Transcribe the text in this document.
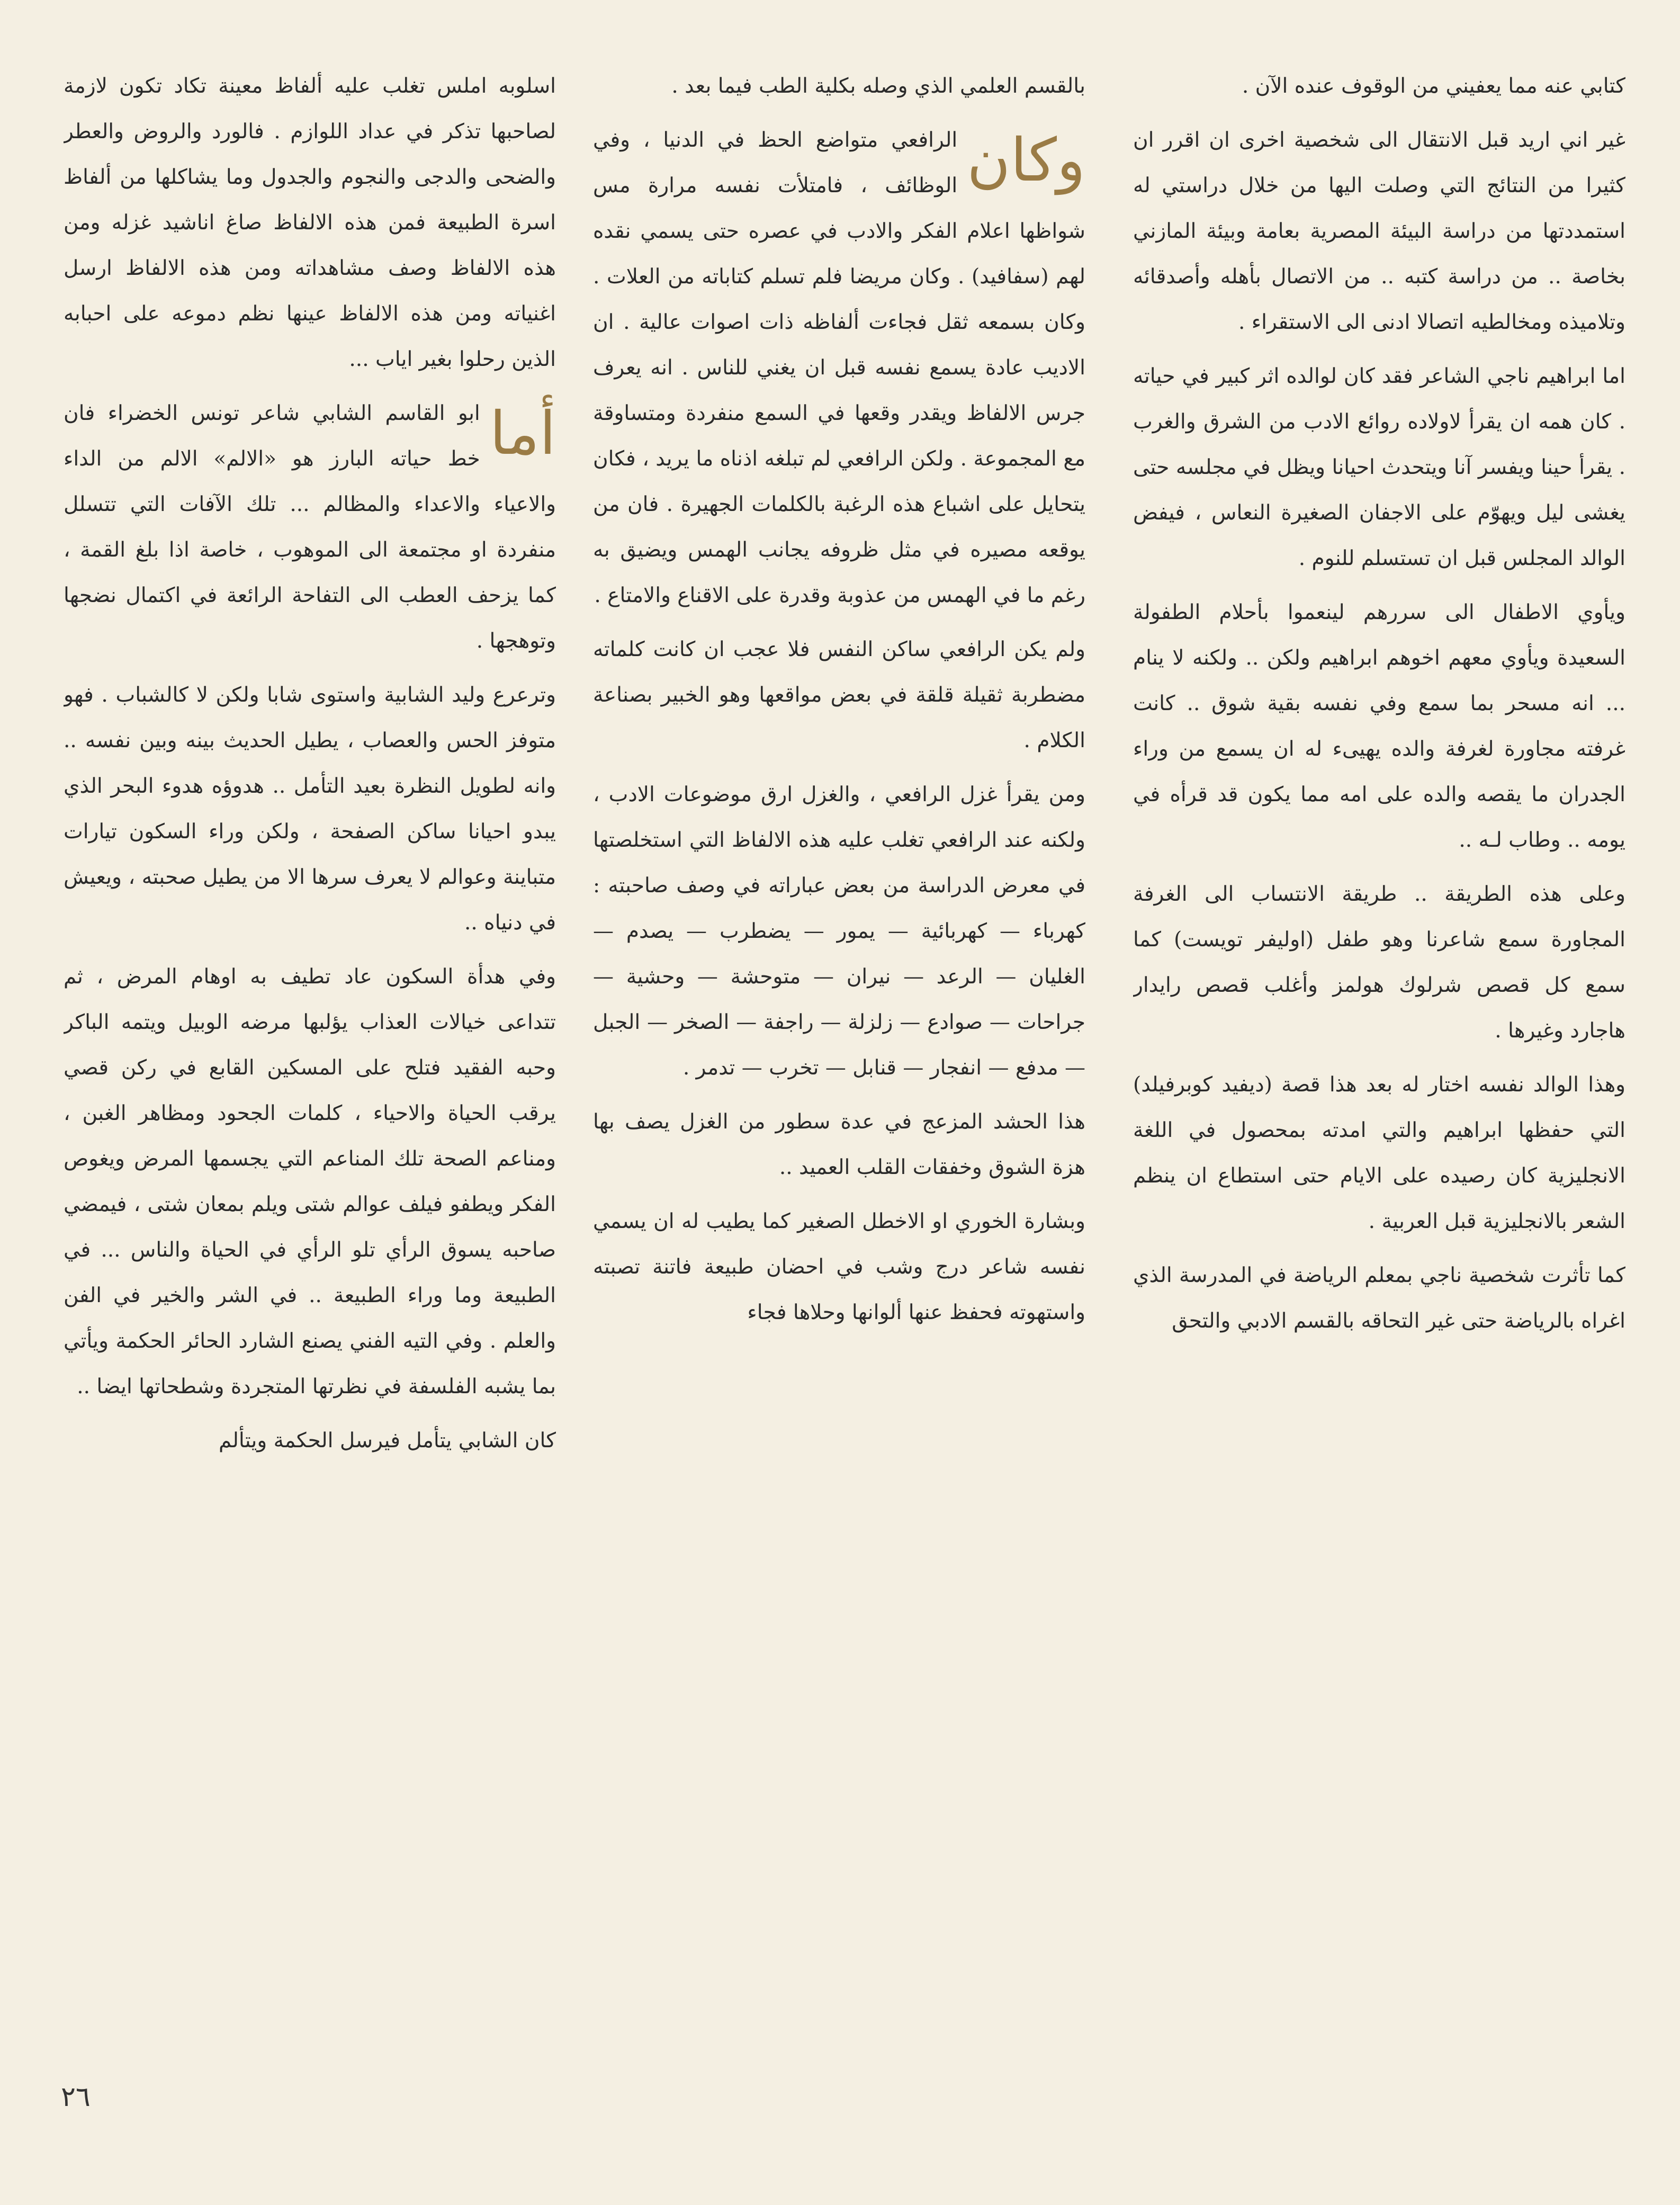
كتابي عنه مما يعفيني من الوقوف عنده الآن .

غير اني اريد قبل الانتقال الى شخصية اخرى ان اقرر ان كثيرا من النتائج التي وصلت اليها من خلال دراستي له استمددتها من دراسة البيئة المصرية بعامة وبيئة المازني بخاصة .. من دراسة كتبه .. من الاتصال بأهله وأصدقائه وتلاميذه ومخالطيه اتصالا ادنى الى الاستقراء .

اما ابراهيم ناجي الشاعر فقد كان لوالده اثر كبير في حياته . كان همه ان يقرأ لاولاده روائع الادب من الشرق والغرب . يقرأ حينا ويفسر آنا ويتحدث احيانا ويظل في مجلسه حتى يغشى ليل ويهوّم على الاجفان الصغيرة النعاس ، فيفض الوالد المجلس قبل ان تستسلم للنوم .

ويأوي الاطفال الى سررهم لينعموا بأحلام الطفولة السعيدة ويأوي معهم اخوهم ابراهيم ولكن .. ولكنه لا ينام ... انه مسحر بما سمع وفي نفسه بقية شوق .. كانت غرفته مجاورة لغرفة والده يهيىء له ان يسمع من وراء الجدران ما يقصه والده على امه مما يكون قد قرأه في يومه .. وطاب لـه ..

وعلى هذه الطريقة .. طريقة الانتساب الى الغرفة المجاورة سمع شاعرنا وهو طفل (اوليفر تويست) كما سمع كل قصص شرلوك هولمز وأغلب قصص رايدار هاجارد وغيرها .

وهذا الوالد نفسه اختار له بعد هذا قصة (ديفيد كوبرفيلد) التي حفظها ابراهيم والتي امدته بمحصول في اللغة الانجليزية كان رصيده على الايام حتى استطاع ان ينظم الشعر بالانجليزية قبل العربية .

كما تأثرت شخصية ناجي بمعلم الرياضة في المدرسة الذي اغراه بالرياضة حتى غير التحاقه بالقسم الادبي والتحق

بالقسم العلمي الذي وصله بكلية الطب فيما بعد .

وكان
الرافعي متواضع الحظ في الدنيا ، وفي الوظائف ، فامتلأت نفسه مرارة مس شواظها اعلام الفكر والادب في عصره حتى يسمي نقده لهم (سفافيد) . وكان مريضا فلم تسلم كتاباته من العلات . وكان بسمعه ثقل فجاءت ألفاظه ذات اصوات عالية . ان الاديب عادة يسمع نفسه قبل ان يغني للناس . انه يعرف جرس الالفاظ ويقدر وقعها في السمع منفردة ومتساوقة مع المجموعة . ولكن الرافعي لم تبلغه اذناه ما يريد ، فكان يتحايل على اشباع هذه الرغبة بالكلمات الجهيرة . فان من يوقعه مصيره في مثل ظروفه يجانب الهمس ويضيق به رغم ما في الهمس من عذوبة وقدرة على الاقناع والامتاع .

ولم يكن الرافعي ساكن النفس فلا عجب ان كانت كلماته مضطربة ثقيلة قلقة في بعض مواقعها وهو الخبير بصناعة الكلام .

ومن يقرأ غزل الرافعي ، والغزل ارق موضوعات الادب ، ولكنه عند الرافعي تغلب عليه هذه الالفاظ التي استخلصتها في معرض الدراسة من بعض عباراته في وصف صاحبته : كهرباء — كهربائية — يمور — يضطرب — يصدم — الغليان — الرعد — نيران — متوحشة — وحشية — جراحات — صوادع — زلزلة — راجفة — الصخر — الجبل — مدفع — انفجار — قنابل — تخرب — تدمر .

هذا الحشد المزعج في عدة سطور من الغزل يصف بها هزة الشوق وخفقات القلب العميد ..

وبشارة الخوري او الاخطل الصغير كما يطيب له ان يسمي نفسه شاعر درج وشب في احضان طبيعة فاتنة تصبته واستهوته فحفظ عنها ألوانها وحلاها فجاء

اسلوبه املس تغلب عليه ألفاظ معينة تكاد تكون لازمة لصاحبها تذكر في عداد اللوازم . فالورد والروض والعطر والضحى والدجى والنجوم والجدول وما يشاكلها من ألفاظ اسرة الطبيعة فمن هذه الالفاظ صاغ اناشيد غزله ومن هذه الالفاظ وصف مشاهداته ومن هذه الالفاظ ارسل اغنياته ومن هذه الالفاظ عينها نظم دموعه على احبابه الذين رحلوا بغير اياب ...

أما
ابو القاسم الشابي شاعر تونس الخضراء فان خط حياته البارز هو «الالم» الالم من الداء والاعياء والاعداء والمظالم ... تلك الآفات التي تتسلل منفردة او مجتمعة الى الموهوب ، خاصة اذا بلغ القمة ، كما يزحف العطب الى التفاحة الرائعة في اكتمال نضجها وتوهجها .

وترعرع وليد الشابية واستوى شابا ولكن لا كالشباب . فهو متوفز الحس والعصاب ، يطيل الحديث بينه وبين نفسه .. وانه لطويل النظرة بعيد التأمل .. هدوؤه هدوء البحر الذي يبدو احيانا ساكن الصفحة ، ولكن وراء السكون تيارات متباينة وعوالم لا يعرف سرها الا من يطيل صحبته ، ويعيش في دنياه ..

وفي هدأة السكون عاد تطيف به اوهام المرض ، ثم تتداعى خيالات العذاب يؤلبها مرضه الوبيل ويتمه الباكر وحبه الفقيد فتلح على المسكين القابع في ركن قصي يرقب الحياة والاحياء ، كلمات الجحود ومظاهر الغبن ، ومناعم الصحة تلك المناعم التي يجسمها المرض ويغوص الفكر ويطفو فيلف عوالم شتى ويلم بمعان شتى ، فيمضي صاحبه يسوق الرأي تلو الرأي في الحياة والناس ... في الطبيعة وما وراء الطبيعة .. في الشر والخير في الفن والعلم . وفي التيه الفني يصنع الشارد الحائر الحكمة ويأتي بما يشبه الفلسفة في نظرتها المتجردة وشطحاتها ايضا ..

كان الشابي يتأمل فيرسل الحكمة ويتألم

٢٦
